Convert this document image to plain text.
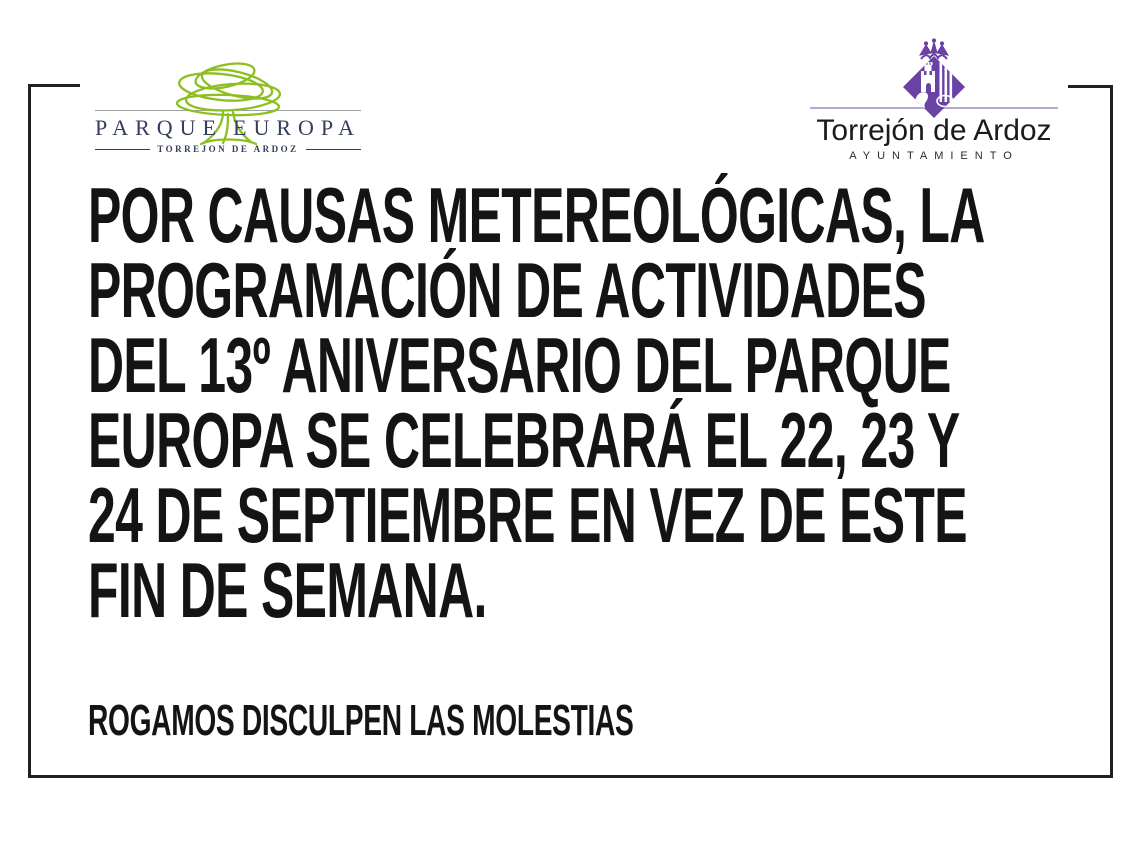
PARQUE EUROPA
TORREJON DE ARDOZ
Torrejón de Ardoz
AYUNTAMIENTO
POR CAUSAS METEREOLÓGICAS, LA
PROGRAMACIÓN DE ACTIVIDADES
DEL 13º ANIVERSARIO DEL PARQUE
EUROPA SE CELEBRARÁ EL 22, 23 Y
24 DE SEPTIEMBRE EN VEZ DE ESTE
FIN DE SEMANA.
ROGAMOS DISCULPEN LAS MOLESTIAS
